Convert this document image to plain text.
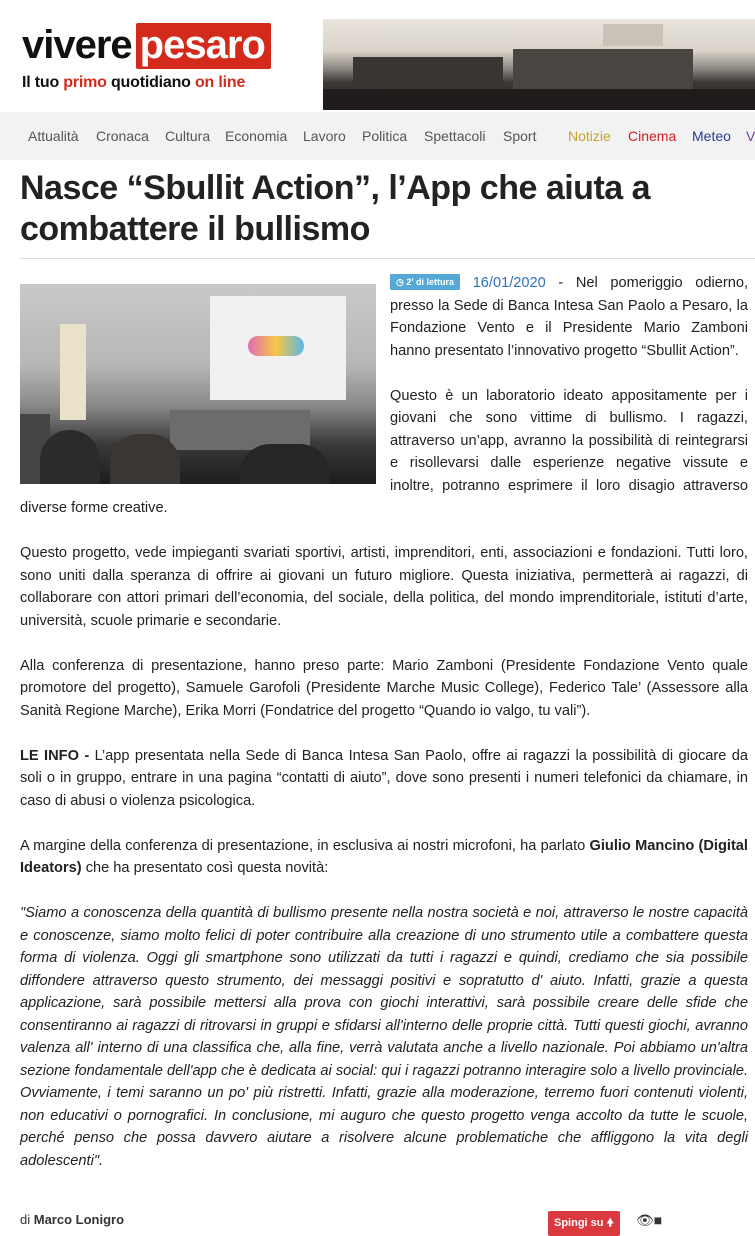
vivere pesaro
Il tuo primo quotidiano on line
Attualità Cronaca Cultura Economia Lavoro Politica Spettacoli Sport Notizie Cinema Meteo V
Nasce “Sbullit Action”, l’App che aiuta a combattere il bullismo

◷ 2' di lettura 16/01/2020 - Nel pomeriggio odierno, presso la Sede di Banca Intesa San Paolo a Pesaro, la Fondazione Vento e il Presidente Mario Zamboni hanno presentato l’innovativo progetto “Sbullit Action”.

Questo è un laboratorio ideato appositamente per i giovani che sono vittime di bullismo. I ragazzi, attraverso un’app, avranno la possibilità di reintegrarsi e risollevarsi dalle esperienze negative vissute e inoltre, potranno esprimere il loro disagio attraverso diverse forme creative.

Questo progetto, vede impieganti svariati sportivi, artisti, imprenditori, enti, associazioni e fondazioni. Tutti loro, sono uniti dalla speranza di offrire ai giovani un futuro migliore. Questa iniziativa, permetterà ai ragazzi, di collaborare con attori primari dell’economia, del sociale, della politica, del mondo imprenditoriale, istituti d’arte, università, scuole primarie e secondarie.

Alla conferenza di presentazione, hanno preso parte: Mario Zamboni (Presidente Fondazione Vento quale promotore del progetto), Samuele Garofoli (Presidente Marche Music College), Federico Tale’ (Assessore alla Sanità Regione Marche), Erika Morri (Fondatrice del progetto “Quando io valgo, tu vali”).

LE INFO - L’app presentata nella Sede di Banca Intesa San Paolo, offre ai ragazzi la possibilità di giocare da soli o in gruppo, entrare in una pagina “contatti di aiuto”, dove sono presenti i numeri telefonici da chiamare, in caso di abusi o violenza psicologica.

A margine della conferenza di presentazione, in esclusiva ai nostri microfoni, ha parlato Giulio Mancino (Digital Ideators) che ha presentato così questa novità:

"Siamo a conoscenza della quantità di bullismo presente nella nostra società e noi, attraverso le nostre capacità e conoscenze, siamo molto felici di poter contribuire alla creazione di uno strumento utile a combattere questa forma di violenza. Oggi gli smartphone sono utilizzati da tutti i ragazzi e quindi, crediamo che sia possibile diffondere attraverso questo strumento, dei messaggi positivi e sopratutto d' aiuto. Infatti, grazie a questa applicazione, sarà possibile mettersi alla prova con giochi interattivi, sarà possibile creare delle sfide che consentiranno ai ragazzi di ritrovarsi in gruppi e sfidarsi all'interno delle proprie città. Tutti questi giochi, avranno valenza all' interno di una classifica che, alla fine, verrà valutata anche a livello nazionale. Poi abbiamo un'altra sezione fondamentale dell'app che è dedicata ai social: qui i ragazzi potranno interagire solo a livello provinciale. Ovviamente, i temi saranno un po' più ristretti. Infatti, grazie alla moderazione, terremo fuori contenuti violenti, non educativi o pornografici. In conclusione, mi auguro che questo progetto venga accolto da tutte le scuole, perché penso che possa davvero aiutare a risolvere alcune problematiche che affliggono la vita degli adolescenti".

di Marco Lonigro	Spingi su 🠝	👁■
